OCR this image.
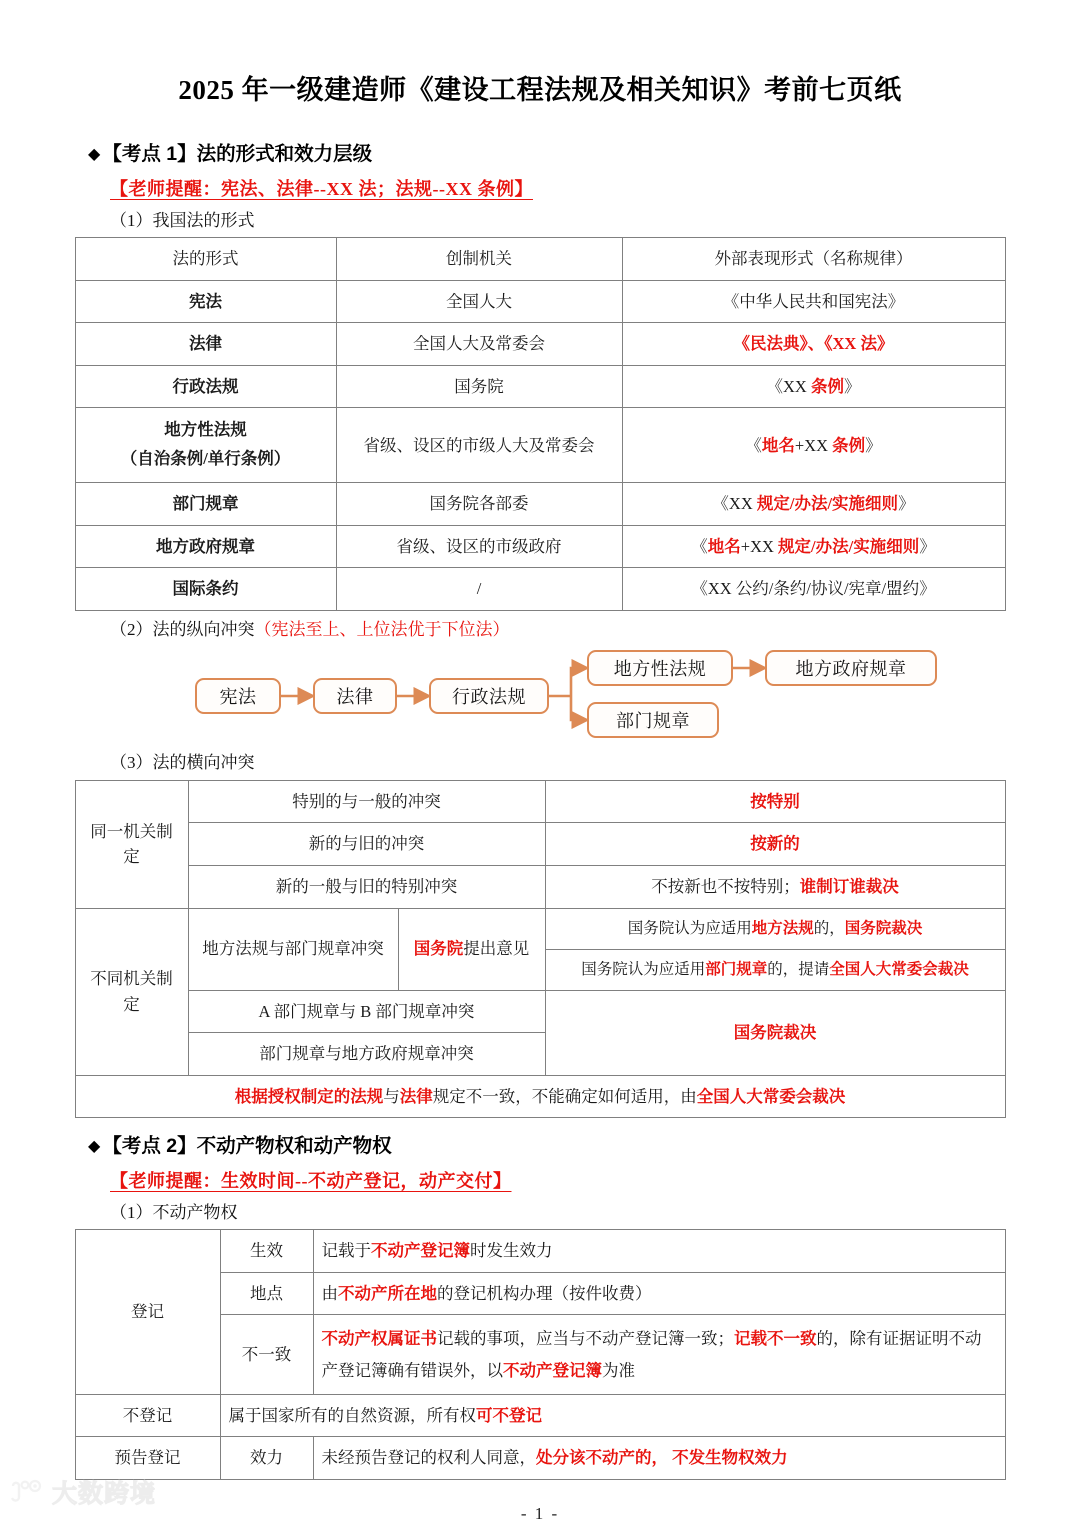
2025 年一级建造师《建设工程法规及相关知识》考前七页纸
◆ 【考点 1】法的形式和效力层级
【老师提醒：宪法、法律--XX 法；法规--XX 条例】
（1）我国法的形式
法的形式	创制机关	外部表现形式（名称规律）
宪法	全国人大	《中华人民共和国宪法》
法律	全国人大及常委会	《民法典》、《XX 法》
行政法规	国务院	《XX 条例》
地方性法规
（自治条例/单行条例）	省级、设区的市级人大及常委会	《地名+XX 条例》
部门规章	国务院各部委	《XX 规定/办法/实施细则》
地方政府规章	省级、设区的市级政府	《地名+XX 规定/办法/实施细则》
国际条约	/	《XX 公约/条约/协议/宪章/盟约》
（2）法的纵向冲突（宪法至上、上位法优于下位法）
宪法	法律	行政法规
地方性法规
部门规章
地方政府规章
（3）法的横向冲突
同一机关制定	特别的与一般的冲突		按特别
	新的与旧的冲突		按新的
	新的一般与旧的特别冲突		不按新也不按特别；谁制订谁裁决
不同机关制定	地方法规与部门规章冲突	国务院提出意见	国务院认为应适用地方法规的，国务院裁决
			国务院认为应适用部门规章的，提请全国人大常委会裁决
	A 部门规章与 B 部门规章冲突		国务院裁决
	部门规章与地方政府规章冲突		
根据授权制定的法规与法律规定不一致，不能确定如何适用，由全国人大常委会裁决			
◆ 【考点 2】不动产物权和动产物权
【老师提醒：生效时间--不动产登记，动产交付】
（1）不动产物权
登记	生效	记载于不动产登记簿时发生效力
	地点	由不动产所在地的登记机构办理（按件收费）
	不一致	不动产权属证书记载的事项，应当与不动产登记簿一致；记载不一致的，除有证据证明不动产登记簿确有错误外，以不动产登记簿为准
不登记	属于国家所有的自然资源，所有权可不登记	
预告登记	效力	未经预告登记的权利人同意，处分该不动产的， 不发生物权效力
- 1 -
大数跨境
